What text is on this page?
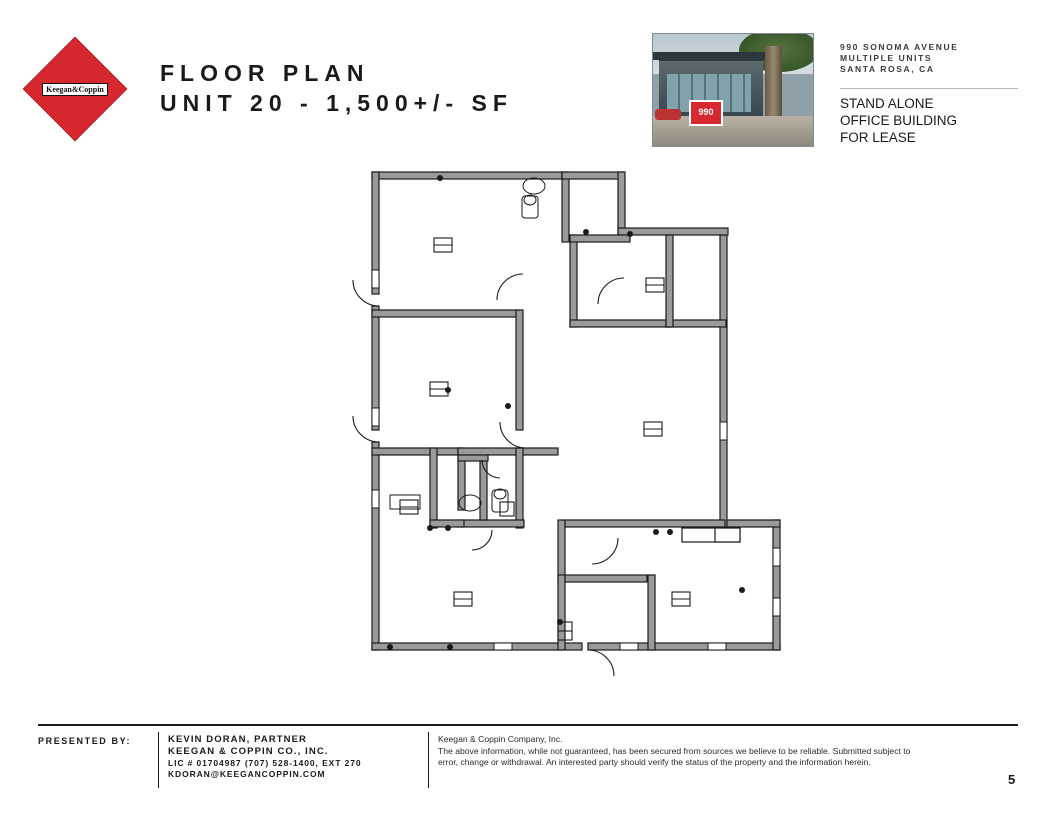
Keegan&Coppin
FLOOR PLAN
UNIT 20 - 1,500+/- SF	990
990 SONOMA AVENUE
MULTIPLE UNITS
SANTA ROSA, CA
STAND ALONE
OFFICE BUILDING
FOR LEASE
PRESENTED BY:	KEVIN DORAN, PARTNER
KEEGAN & COPPIN CO., INC.
LIC # 01704987 (707) 528-1400, EXT 270
KDORAN@KEEGANCOPPIN.COM
Keegan & Coppin Company, Inc.
The above information, while not guaranteed, has been secured from sources we believe to be reliable. Submitted subject to
error, change or withdrawal. An interested party should verify the status of the property and the information herein.
5
